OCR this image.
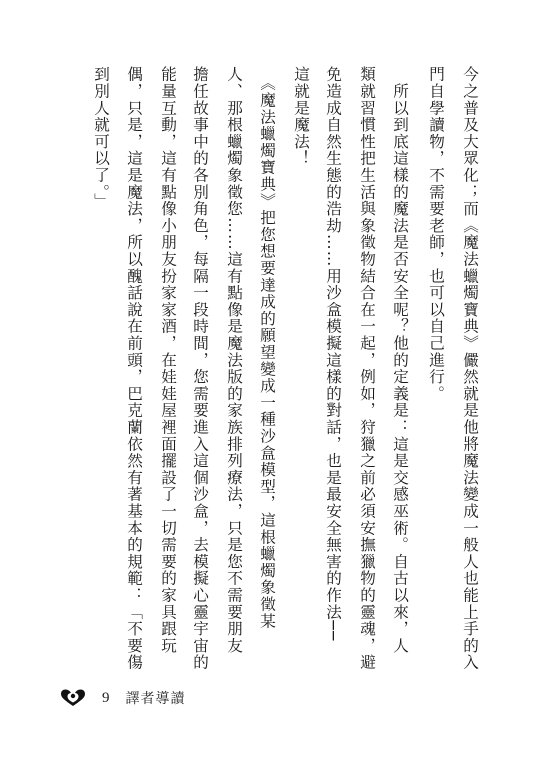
今之普及大眾化；而《魔法蠟燭寶典》儼然就是他將魔法變成一般人也能上手的入
門自學讀物，不需要老師，也可以自己進行。
　所以到底這樣的魔法是否安全呢？他的定義是：這是交感巫術。自古以來，人
類就習慣性把生活與象徵物結合在一起，例如，狩獵之前必須安撫獵物的靈魂，避
免造成自然生態的浩劫……用沙盒模擬這樣的對話，也是最安全無害的作法──
這就是魔法！
　《魔法蠟燭寶典》把您想要達成的願望變成一種沙盒模型，這根蠟燭象徵某
人、那根蠟燭象徵您……這有點像是魔法版的家族排列療法，只是您不需要朋友
擔任故事中的各別角色，每隔一段時間，您需要進入這個沙盒，去模擬心靈宇宙的
能量互動，這有點像小朋友扮家家酒，在娃娃屋裡面擺設了一切需要的家具跟玩
偶，只是，這是魔法，所以醜話說在前頭，巴克蘭依然有著基本的規範：「不要傷
到別人就可以了。」
9 譯者導讀
